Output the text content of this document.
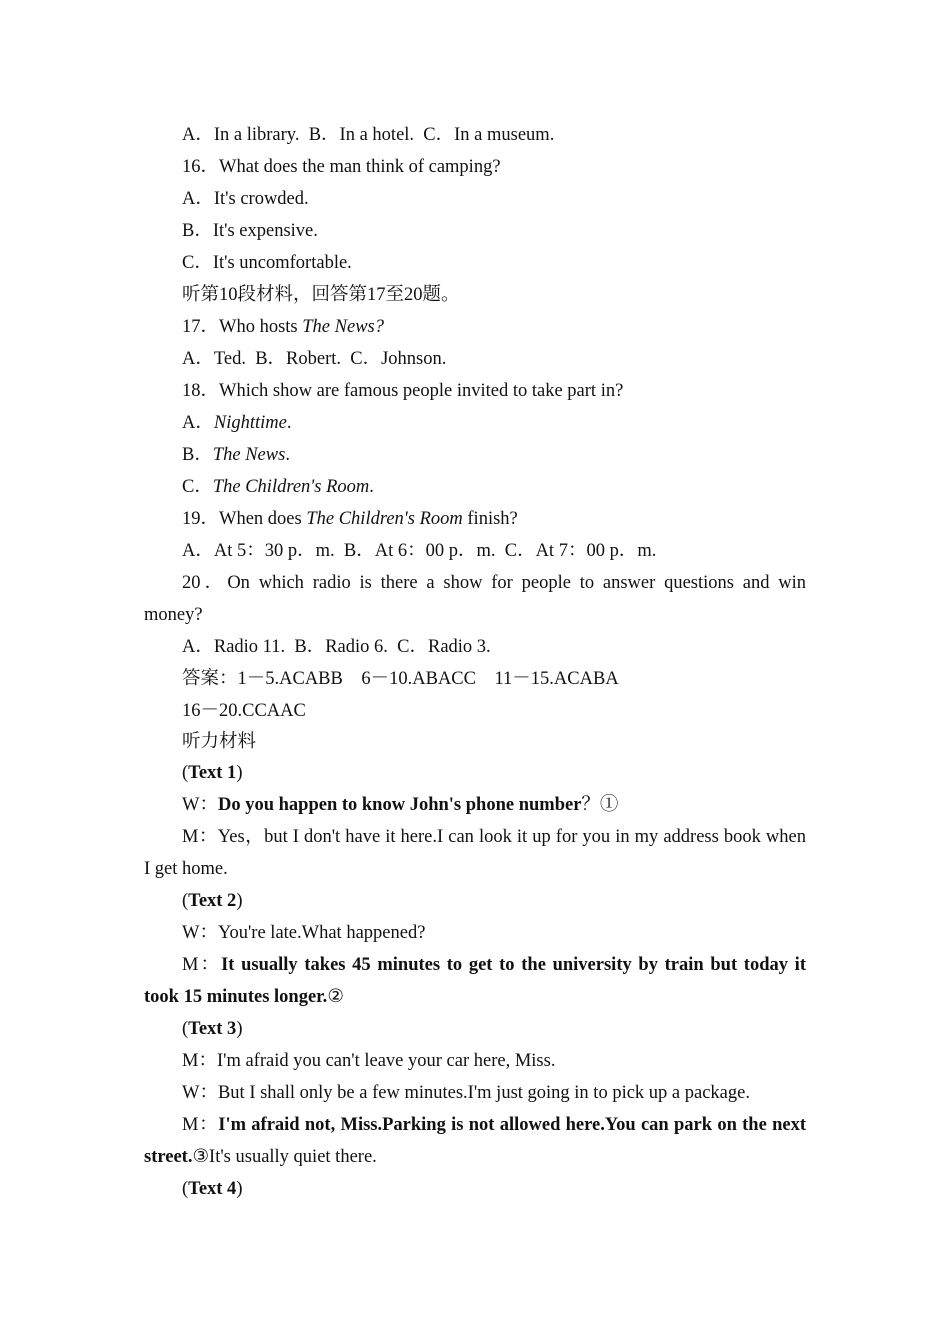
A．In a library.  B．In a hotel.  C．In a museum.
16．What does the man think of camping?
A．It's crowded.
B．It's expensive.
C．It's uncomfortable.
听第10段材料，回答第17至20题。
17．Who hosts The News?
A．Ted.  B．Robert.  C．Johnson.
18．Which show are famous people invited to take part in?
A．Nighttime.
B．The News.
C．The Children's Room.
19．When does The Children's Room finish?
A．At 5：30 p．m.  B．At 6：00 p．m.  C．At 7：00 p．m.
20．On which radio is there a show for people to answer questions and win money?
A．Radio 11.  B．Radio 6.  C．Radio 3.
答案：1－5.ACABB    6－10.ABACC    11－15.ACABA
16－20.CCAAC
听力材料
(Text 1)
W：Do you happen to know John's phone number？①
M：Yes，but I don't have it here.I can look it up for you in my address book when I get home.
(Text 2)
W：You're late.What happened?
M：It usually takes 45 minutes to get to the university by train but today it took 15 minutes longer.②
(Text 3)
M：I'm afraid you can't leave your car here, Miss.
W：But I shall only be a few minutes.I'm just going in to pick up a package.
M：I'm afraid not, Miss.Parking is not allowed here.You can park on the next street.③It's usually quiet there.
(Text 4)
